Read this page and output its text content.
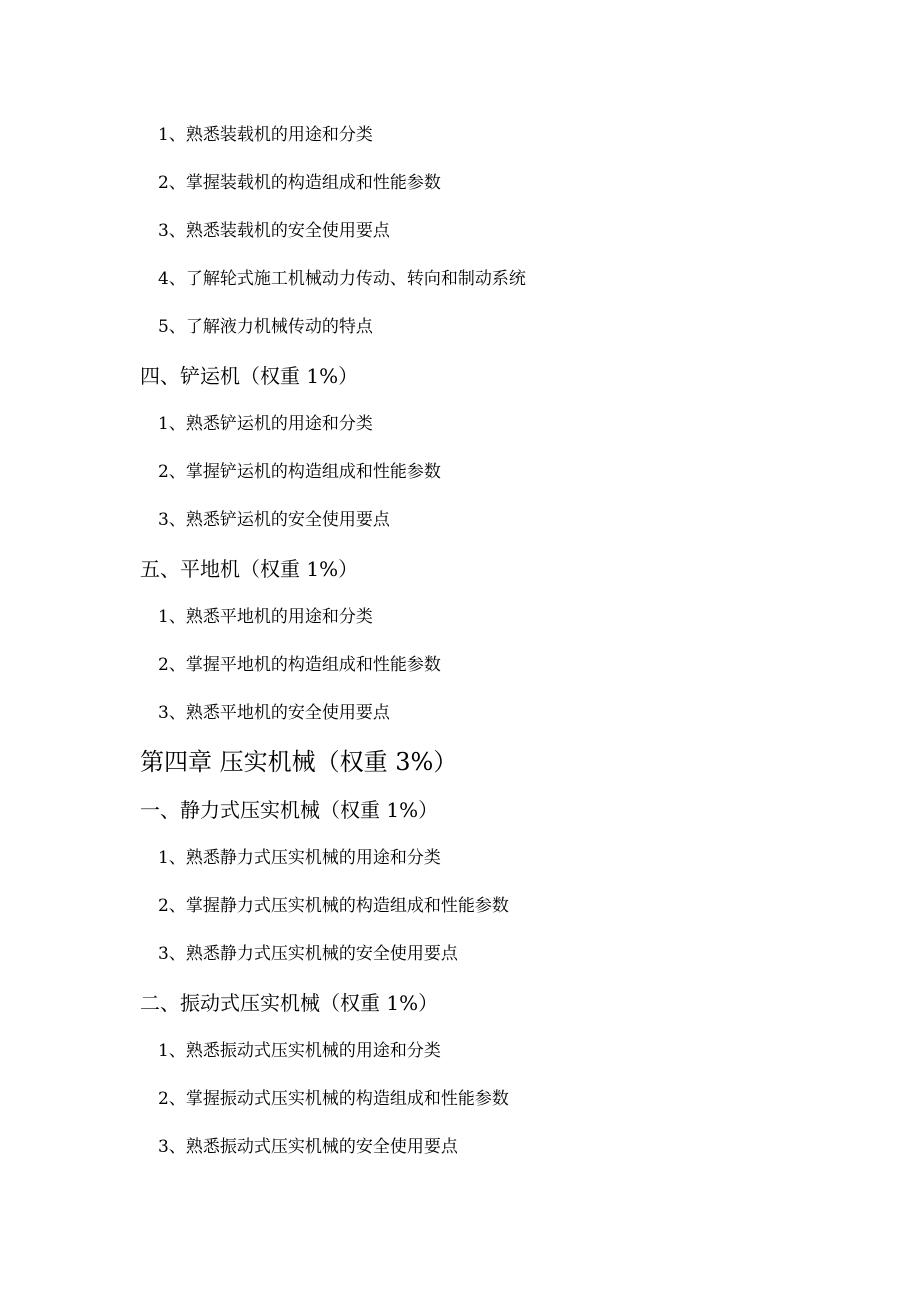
1、熟悉装载机的用途和分类
2、掌握装载机的构造组成和性能参数
3、熟悉装载机的安全使用要点
4、了解轮式施工机械动力传动、转向和制动系统
5、了解液力机械传动的特点
四、铲运机（权重 1%）
1、熟悉铲运机的用途和分类
2、掌握铲运机的构造组成和性能参数
3、熟悉铲运机的安全使用要点
五、平地机（权重 1%）
1、熟悉平地机的用途和分类
2、掌握平地机的构造组成和性能参数
3、熟悉平地机的安全使用要点
第四章 压实机械（权重 3%）
一、静力式压实机械（权重 1%）
1、熟悉静力式压实机械的用途和分类
2、掌握静力式压实机械的构造组成和性能参数
3、熟悉静力式压实机械的安全使用要点
二、振动式压实机械（权重 1%）
1、熟悉振动式压实机械的用途和分类
2、掌握振动式压实机械的构造组成和性能参数
3、熟悉振动式压实机械的安全使用要点
